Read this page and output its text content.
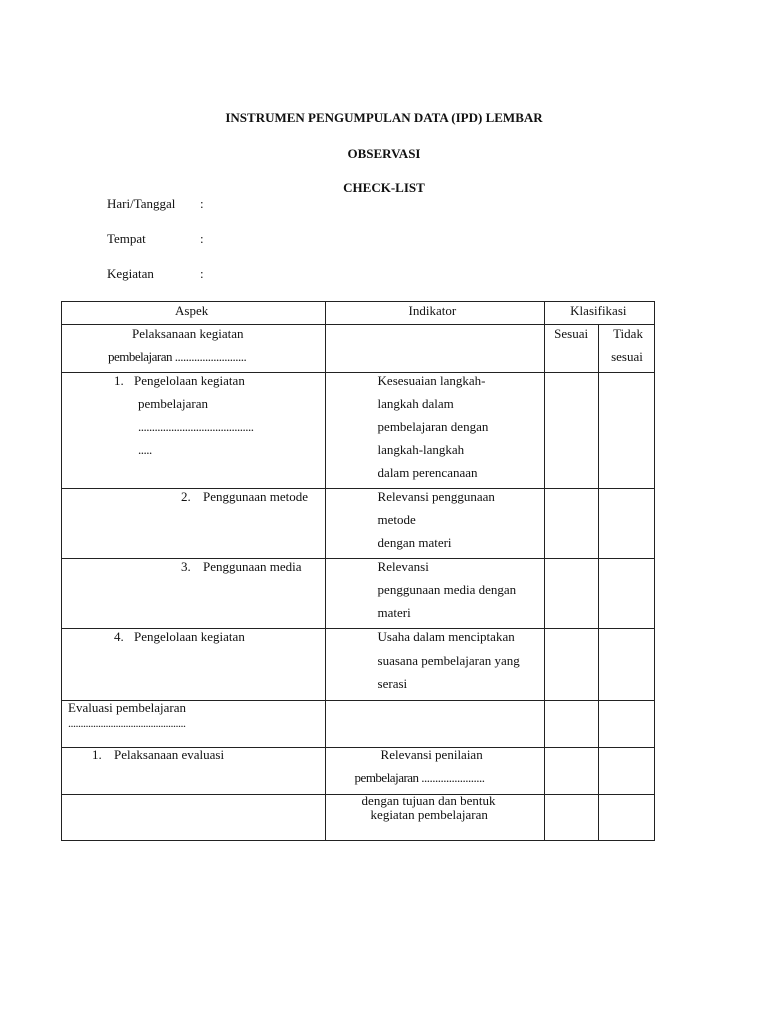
INSTRUMEN PENGUMPULAN DATA (IPD) LEMBAR
OBSERVASI
CHECK-LIST
Hari/Tanggal :
Tempat	:
Kegiatan	:
Aspek	Indikator	Klasifikasi	

Pelaksanaan kegiatan
pembelajaran ..........................		Sesuai	Tidak
sesuai

1. Pengelolaan kegiatan
pembelajaran
..........................................
.....	Kesesuaian langkah-
langkah dalam
pembelajaran dengan
langkah-langkah
dalam perencanaan		

2. Penggunaan metode	Relevansi penggunaan
metode
dengan materi		

3. Penggunaan media	Relevansi
penggunaan media dengan
materi		

4. Pengelolaan kegiatan	Usaha dalam menciptakan
suasana pembelajaran yang
serasi		

Evaluasi pembelajaran
...............................................			

1. Pelaksanaan evaluasi	Relevansi penilaian
pembelajaran .......................		

	dengan tujuan dan bentuk
kegiatan pembelajaran		
